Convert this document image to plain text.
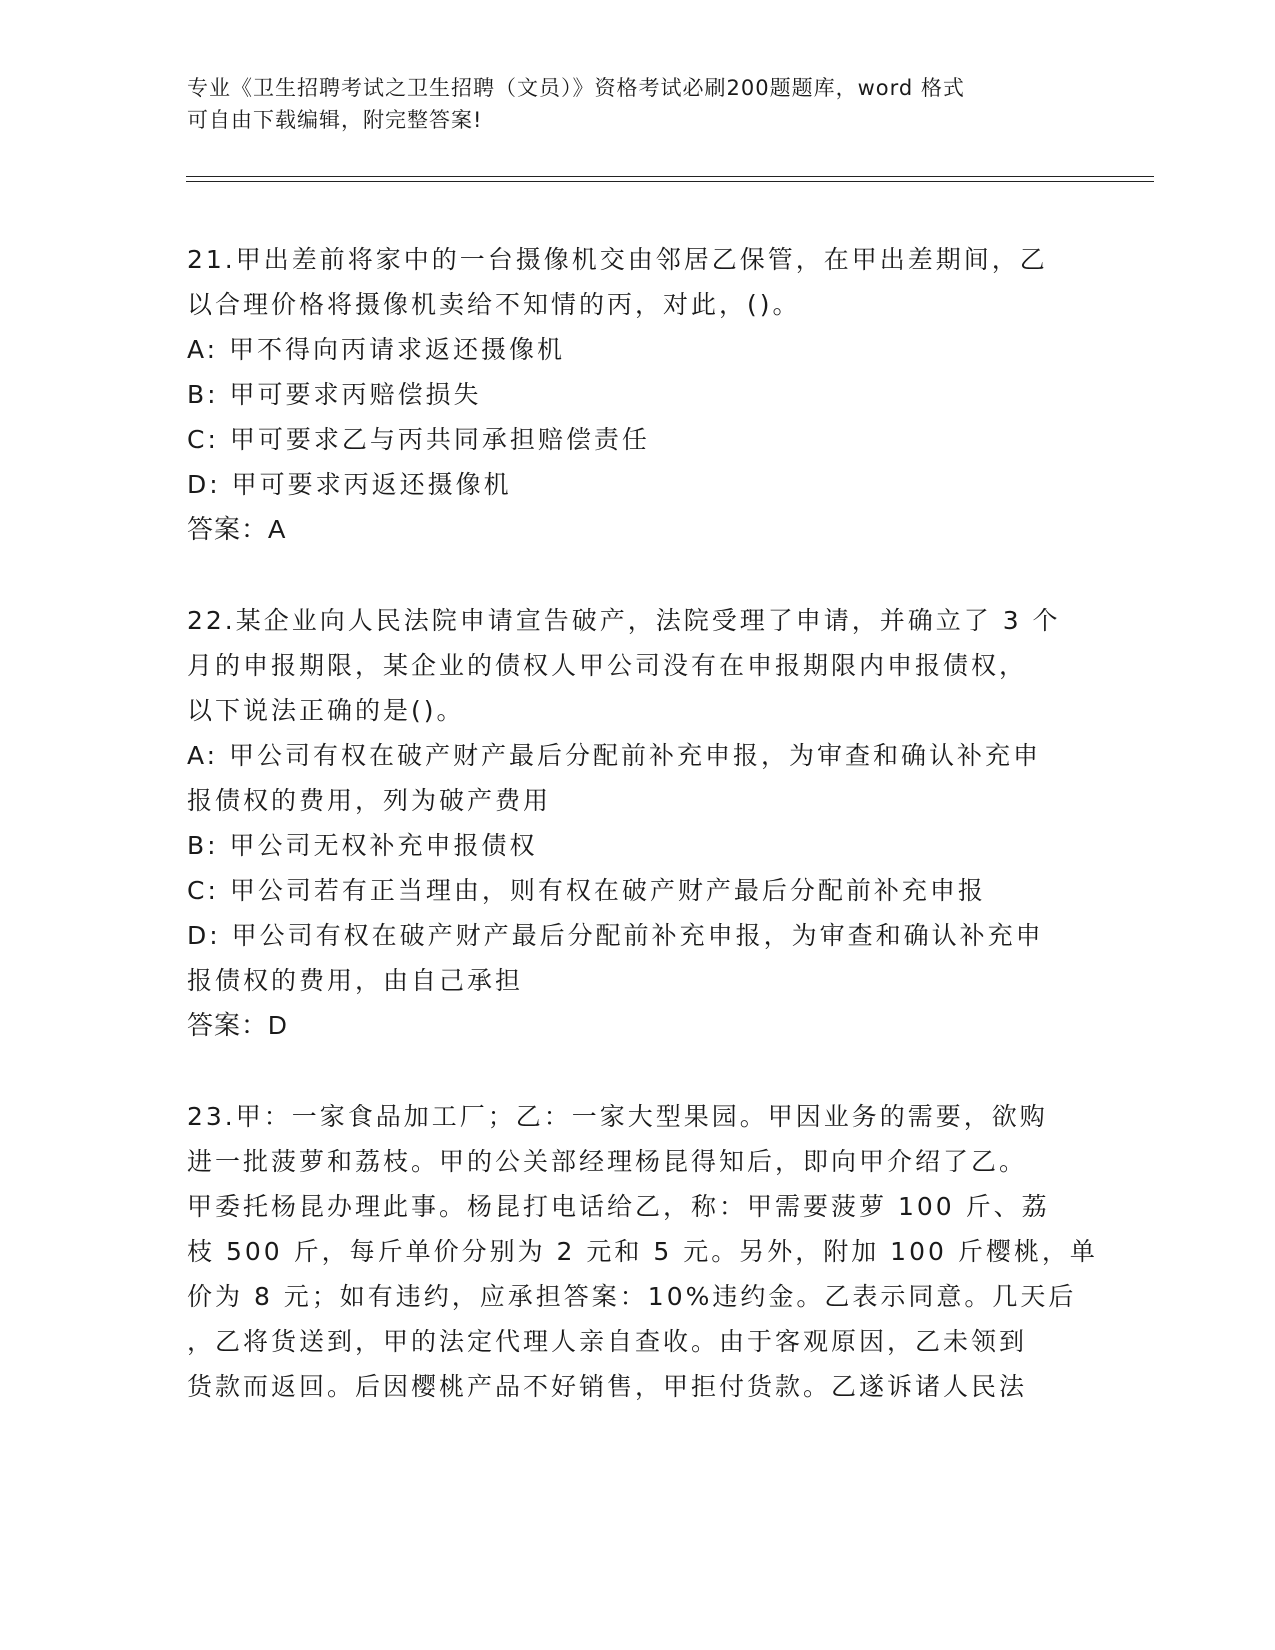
专业《卫生招聘考试之卫生招聘（文员）》资格考试必刷200题题库，word 格式
可自由下载编辑，附完整答案!
21.甲出差前将家中的一台摄像机交由邻居乙保管，在甲出差期间，乙
以合理价格将摄像机卖给不知情的丙，对此，()。
A: 甲不得向丙请求返还摄像机
B: 甲可要求丙赔偿损失
C: 甲可要求乙与丙共同承担赔偿责任
D: 甲可要求丙返还摄像机
答案：A
22.某企业向人民法院申请宣告破产，法院受理了申请，并确立了 3 个
月的申报期限，某企业的债权人甲公司没有在申报期限内申报债权，
以下说法正确的是()。
A: 甲公司有权在破产财产最后分配前补充申报，为审查和确认补充申
报债权的费用，列为破产费用
B: 甲公司无权补充申报债权
C: 甲公司若有正当理由，则有权在破产财产最后分配前补充申报
D: 甲公司有权在破产财产最后分配前补充申报，为审查和确认补充申
报债权的费用，由自己承担
答案：D
23.甲：一家食品加工厂；乙：一家大型果园。甲因业务的需要，欲购
进一批菠萝和荔枝。甲的公关部经理杨昆得知后，即向甲介绍了乙。
甲委托杨昆办理此事。杨昆打电话给乙，称：甲需要菠萝 100 斤、荔
枝 500 斤，每斤单价分别为 2 元和 5 元。另外，附加 100 斤樱桃，单
价为 8 元；如有违约，应承担答案：10%违约金。乙表示同意。几天后
，乙将货送到，甲的法定代理人亲自查收。由于客观原因，乙未领到
货款而返回。后因樱桃产品不好销售，甲拒付货款。乙遂诉诸人民法
